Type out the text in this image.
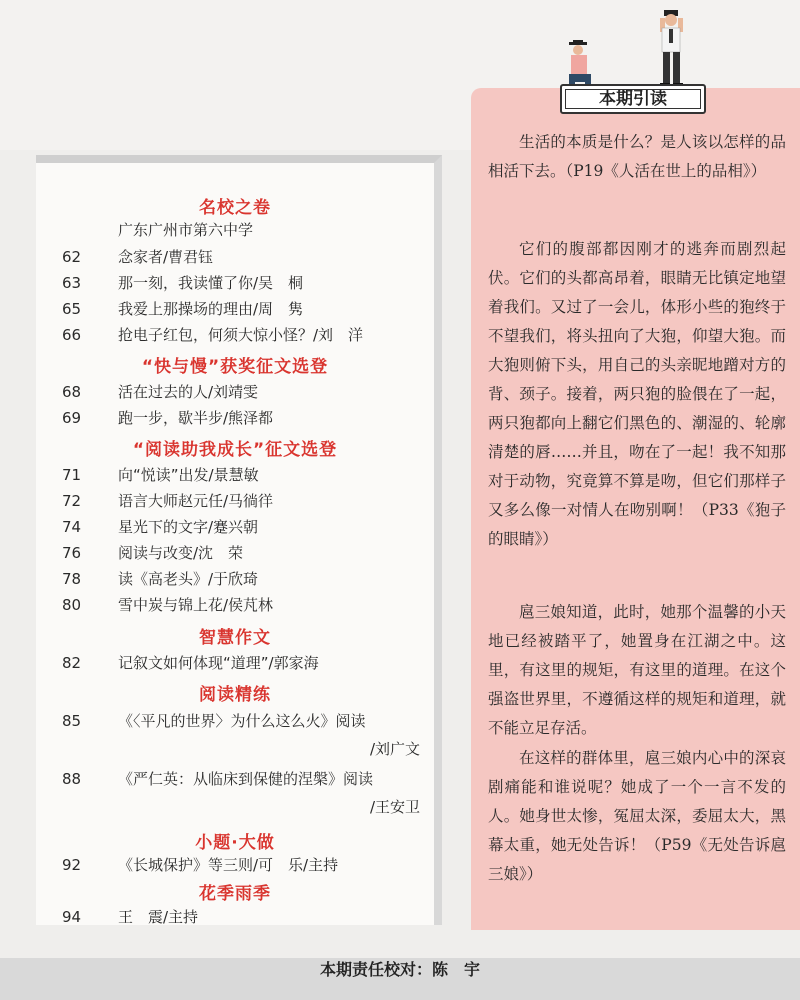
名校之卷
广东广州市第六中学
62	念家者/曹君钰
63	那一刻，我读懂了你/吴　桐
65	我爱上那操场的理由/周　隽
66	抢电子红包，何须大惊小怪？/刘　洋
“快与慢”获奖征文选登
68	活在过去的人/刘靖雯
69	跑一步，歇半步/熊泽都
“阅读助我成长”征文选登
71	向“悦读”出发/景慧敏
72	语言大师赵元任/马徜徉
74	星光下的文字/蹇兴朝
76	阅读与改变/沈　荣
78	读《高老头》/于欣琦
80	雪中炭与锦上花/侯芃林
智慧作文
82	记叙文如何体现“道理”/郭家海
阅读精练
85	《〈平凡的世界〉为什么这么火》阅读
/刘广文
88	《严仁英：从临床到保健的涅槃》阅读
/王安卫
小题·大做
92	《长城保护》等三则/可　乐/主持
花季雨季
94	王　震/主持
本期引读
生活的本质是什么？是人该以怎样的品相活下去。（P19《人活在世上的品相》）
它们的腹部都因刚才的逃奔而剧烈起伏。它们的头都高昂着，眼睛无比镇定地望着我们。又过了一会儿，体形小些的狍终于不望我们，将头扭向了大狍，仰望大狍。而大狍则俯下头，用自己的头亲昵地蹭对方的背、颈子。接着，两只狍的脸偎在了一起，两只狍都向上翻它们黑色的、潮湿的、轮廓清楚的唇……并且，吻在了一起！我不知那对于动物，究竟算不算是吻，但它们那样子又多么像一对情人在吻别啊！（P33《狍子的眼睛》）
扈三娘知道，此时，她那个温馨的小天地已经被踏平了，她置身在江湖之中。这里，有这里的规矩，有这里的道理。在这个强盗世界里，不遵循这样的规矩和道理，就不能立足存活。
在这样的群体里，扈三娘内心中的深哀剧痛能和谁说呢？她成了一个一言不发的人。她身世太惨，冤屈太深，委屈太大，黑幕太重，她无处告诉！（P59《无处告诉扈三娘》）
本期责任校对：陈　宇
